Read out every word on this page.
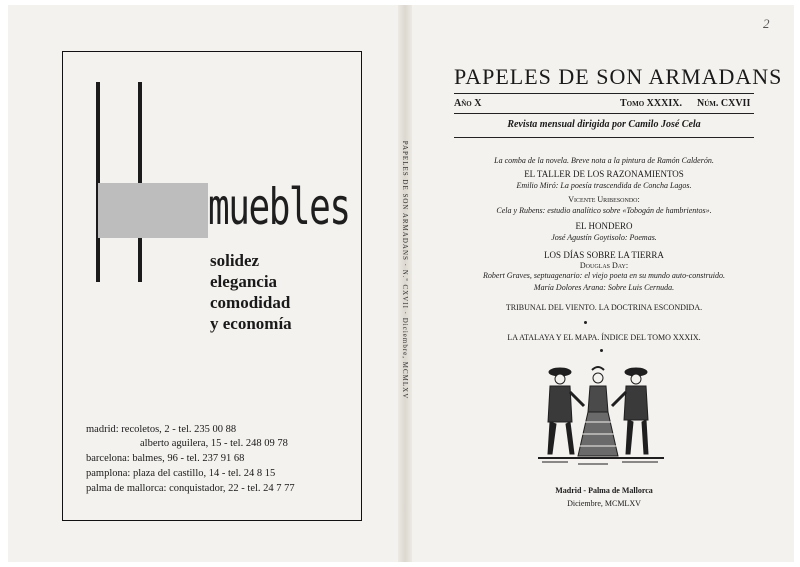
PAPELES DE SON ARMADANS · N.º CXVII · Diciembre, MCMLXV
muebles
solidez
elegancia
comodidad
y economía
madrid: recoletos, 2 - tel. 235 00 88
alberto aguilera, 15 - tel. 248 09 78
barcelona: balmes, 96 - tel. 237 91 68
pamplona: plaza del castillo, 14 - tel. 24 8 15
palma de mallorca: conquistador, 22 - tel. 24 7 77
2
PAPELES DE SON ARMADANS
Año X	Tomo XXXIX. Núm. CXVII
Revista mensual dirigida por Camilo José Cela
La comba de la novela. Breve nota a la pintura de Ramón Calderón.
EL TALLER DE LOS RAZONAMIENTOS
Emilio Miró: La poesía trascendida de Concha Lagos.
Vicente Uribesondo:
Cela y Rubens: estudio analítico sobre «Tobogán de hambrientos».
EL HONDERO
José Agustín Goytisolo: Poemas.
LOS DÍAS SOBRE LA TIERRA
Douglas Day:
Robert Graves, septuagenario: el viejo poeta en su mundo auto-construido.
María Dolores Arana: Sobre Luis Cernuda.
TRIBUNAL DEL VIENTO. LA DOCTRINA ESCONDIDA.
LA ATALAYA Y EL MAPA. ÍNDICE DEL TOMO XXXIX.
Madrid - Palma de Mallorca
Diciembre, MCMLXV
